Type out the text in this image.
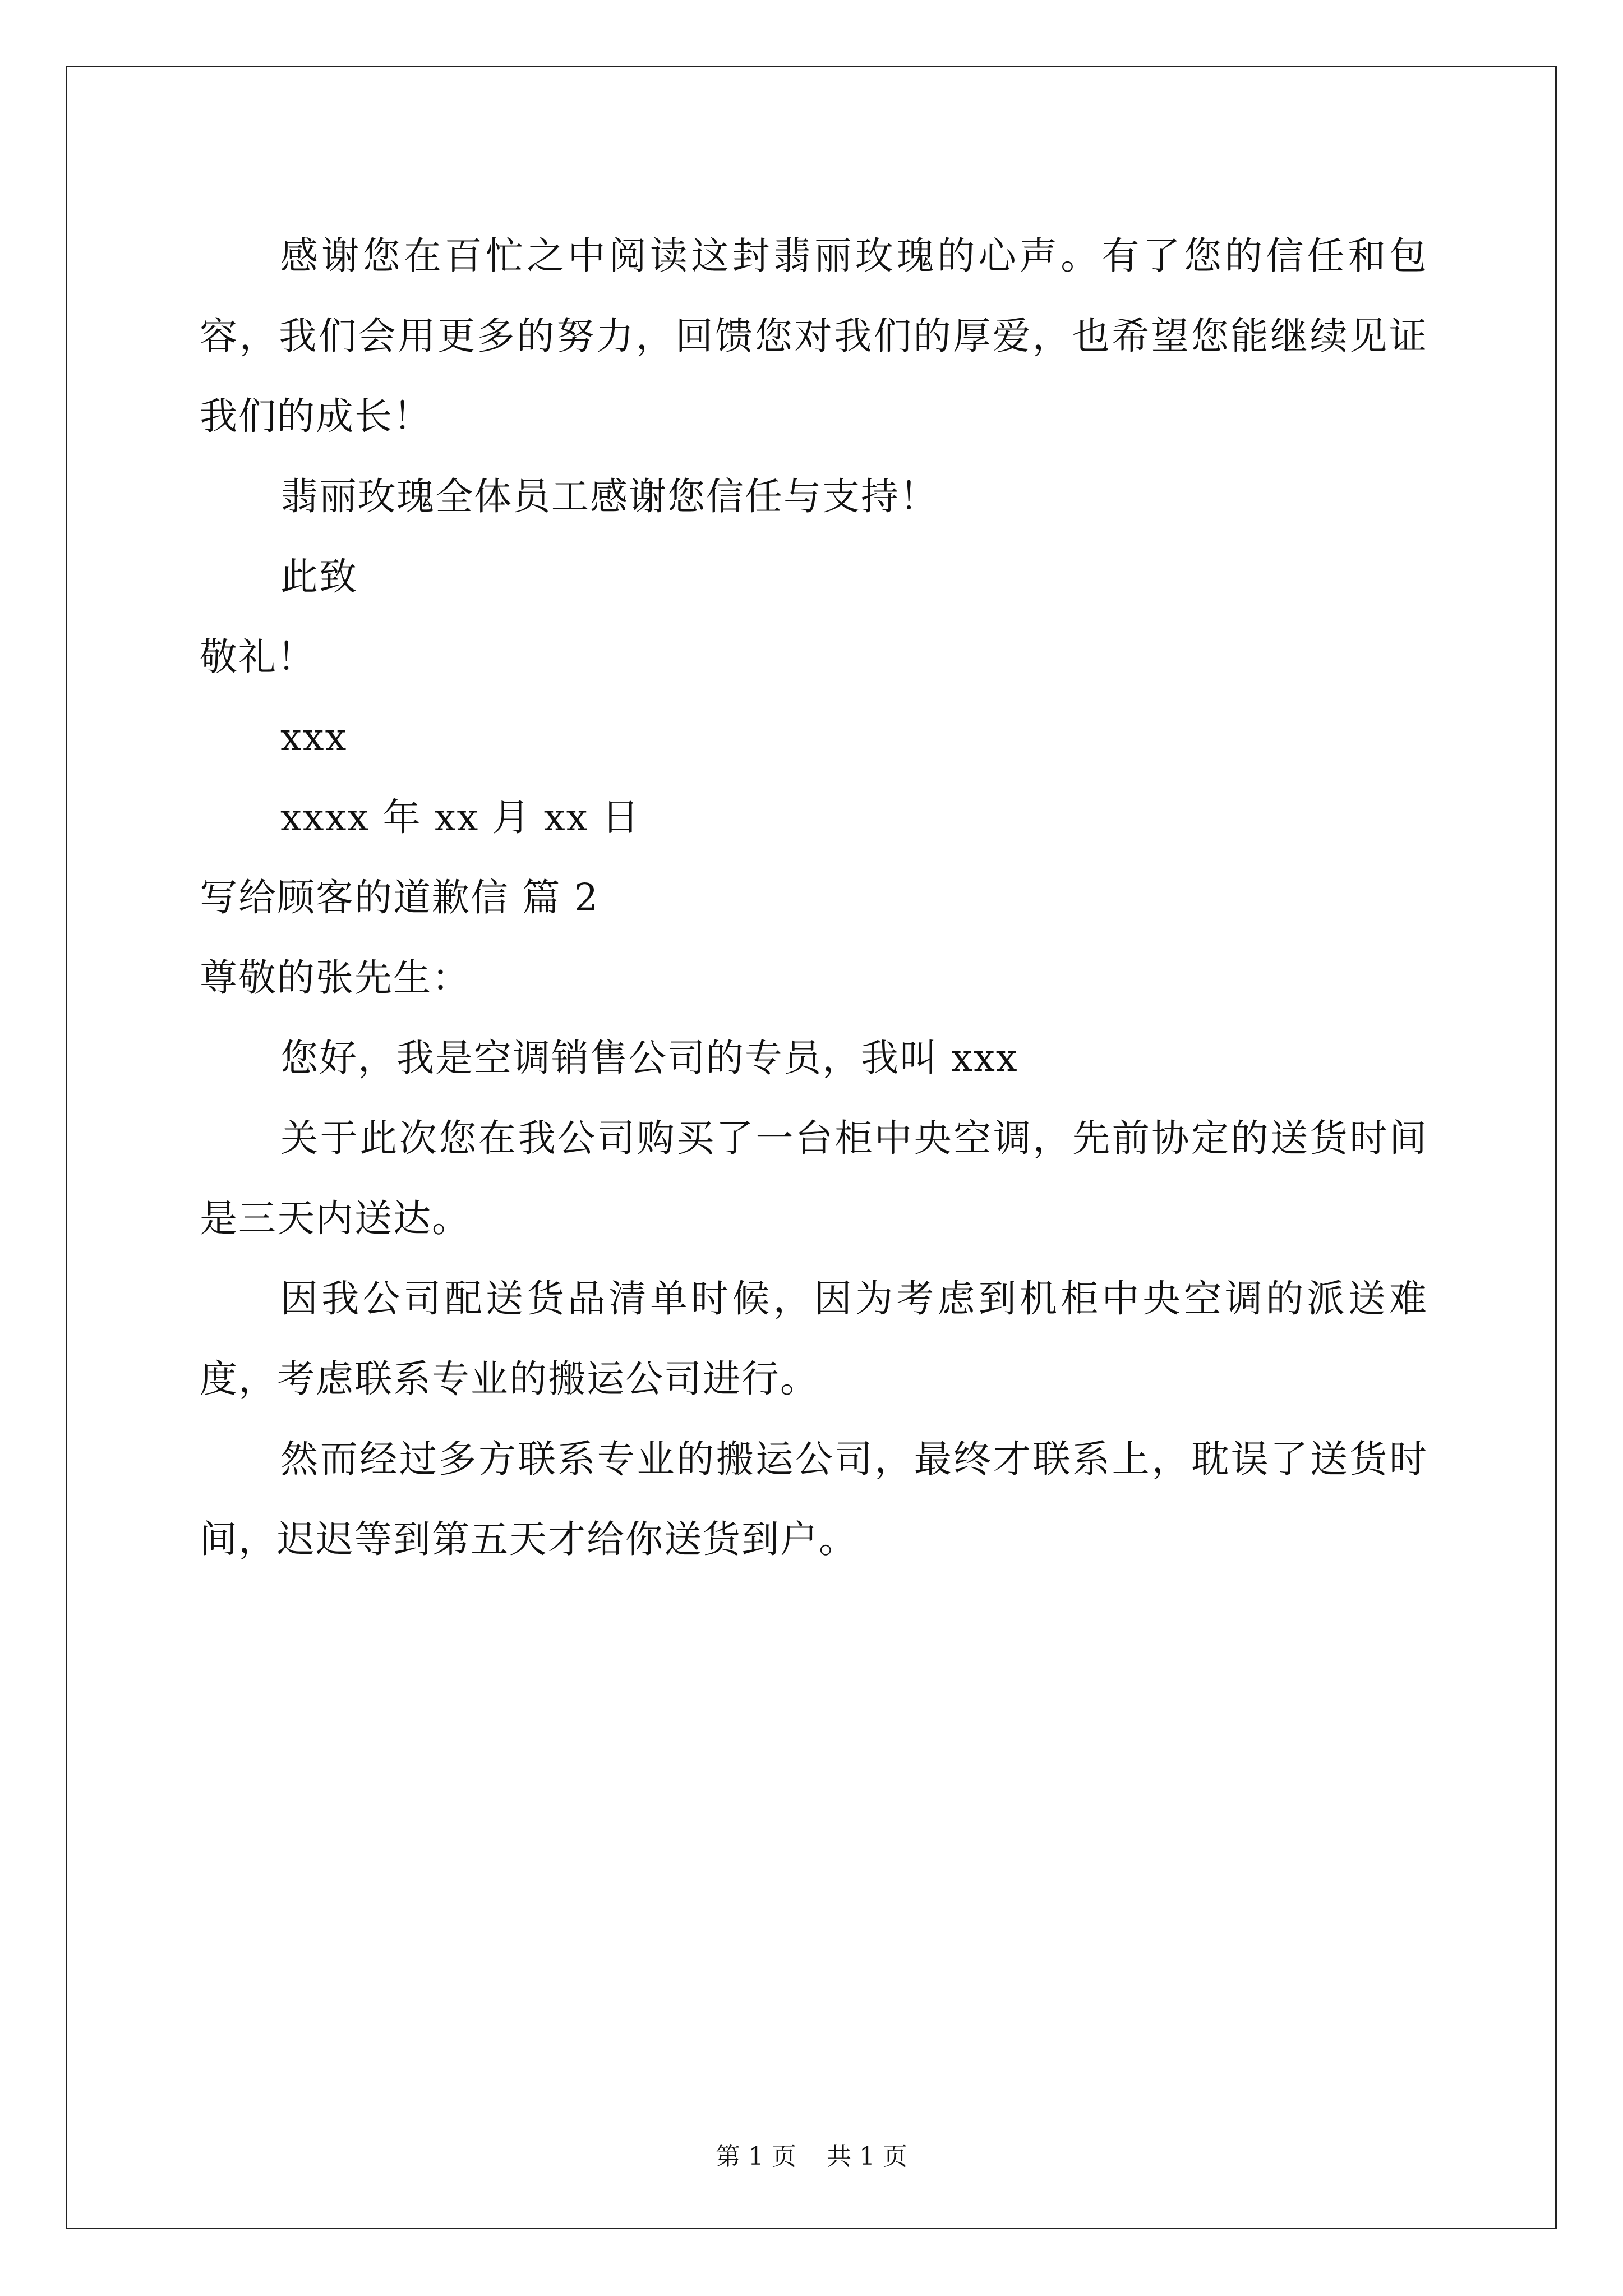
感谢您在百忙之中阅读这封翡丽玫瑰的心声。有了您的信任和包容，我们会用更多的努力，回馈您对我们的厚爱，也希望您能继续见证我们的成长！

翡丽玫瑰全体员工感谢您信任与支持！

此致

敬礼！

xxx

xxxx 年 xx 月 xx 日

写给顾客的道歉信 篇 2

尊敬的张先生：

您好，我是空调销售公司的专员，我叫 xxx

关于此次您在我公司购买了一台柜中央空调，先前协定的送货时间是三天内送达。

因我公司配送货品清单时候，因为考虑到机柜中央空调的派送难度，考虑联系专业的搬运公司进行。

然而经过多方联系专业的搬运公司，最终才联系上，耽误了送货时间，迟迟等到第五天才给你送货到户。

第 1 页 共 1 页
